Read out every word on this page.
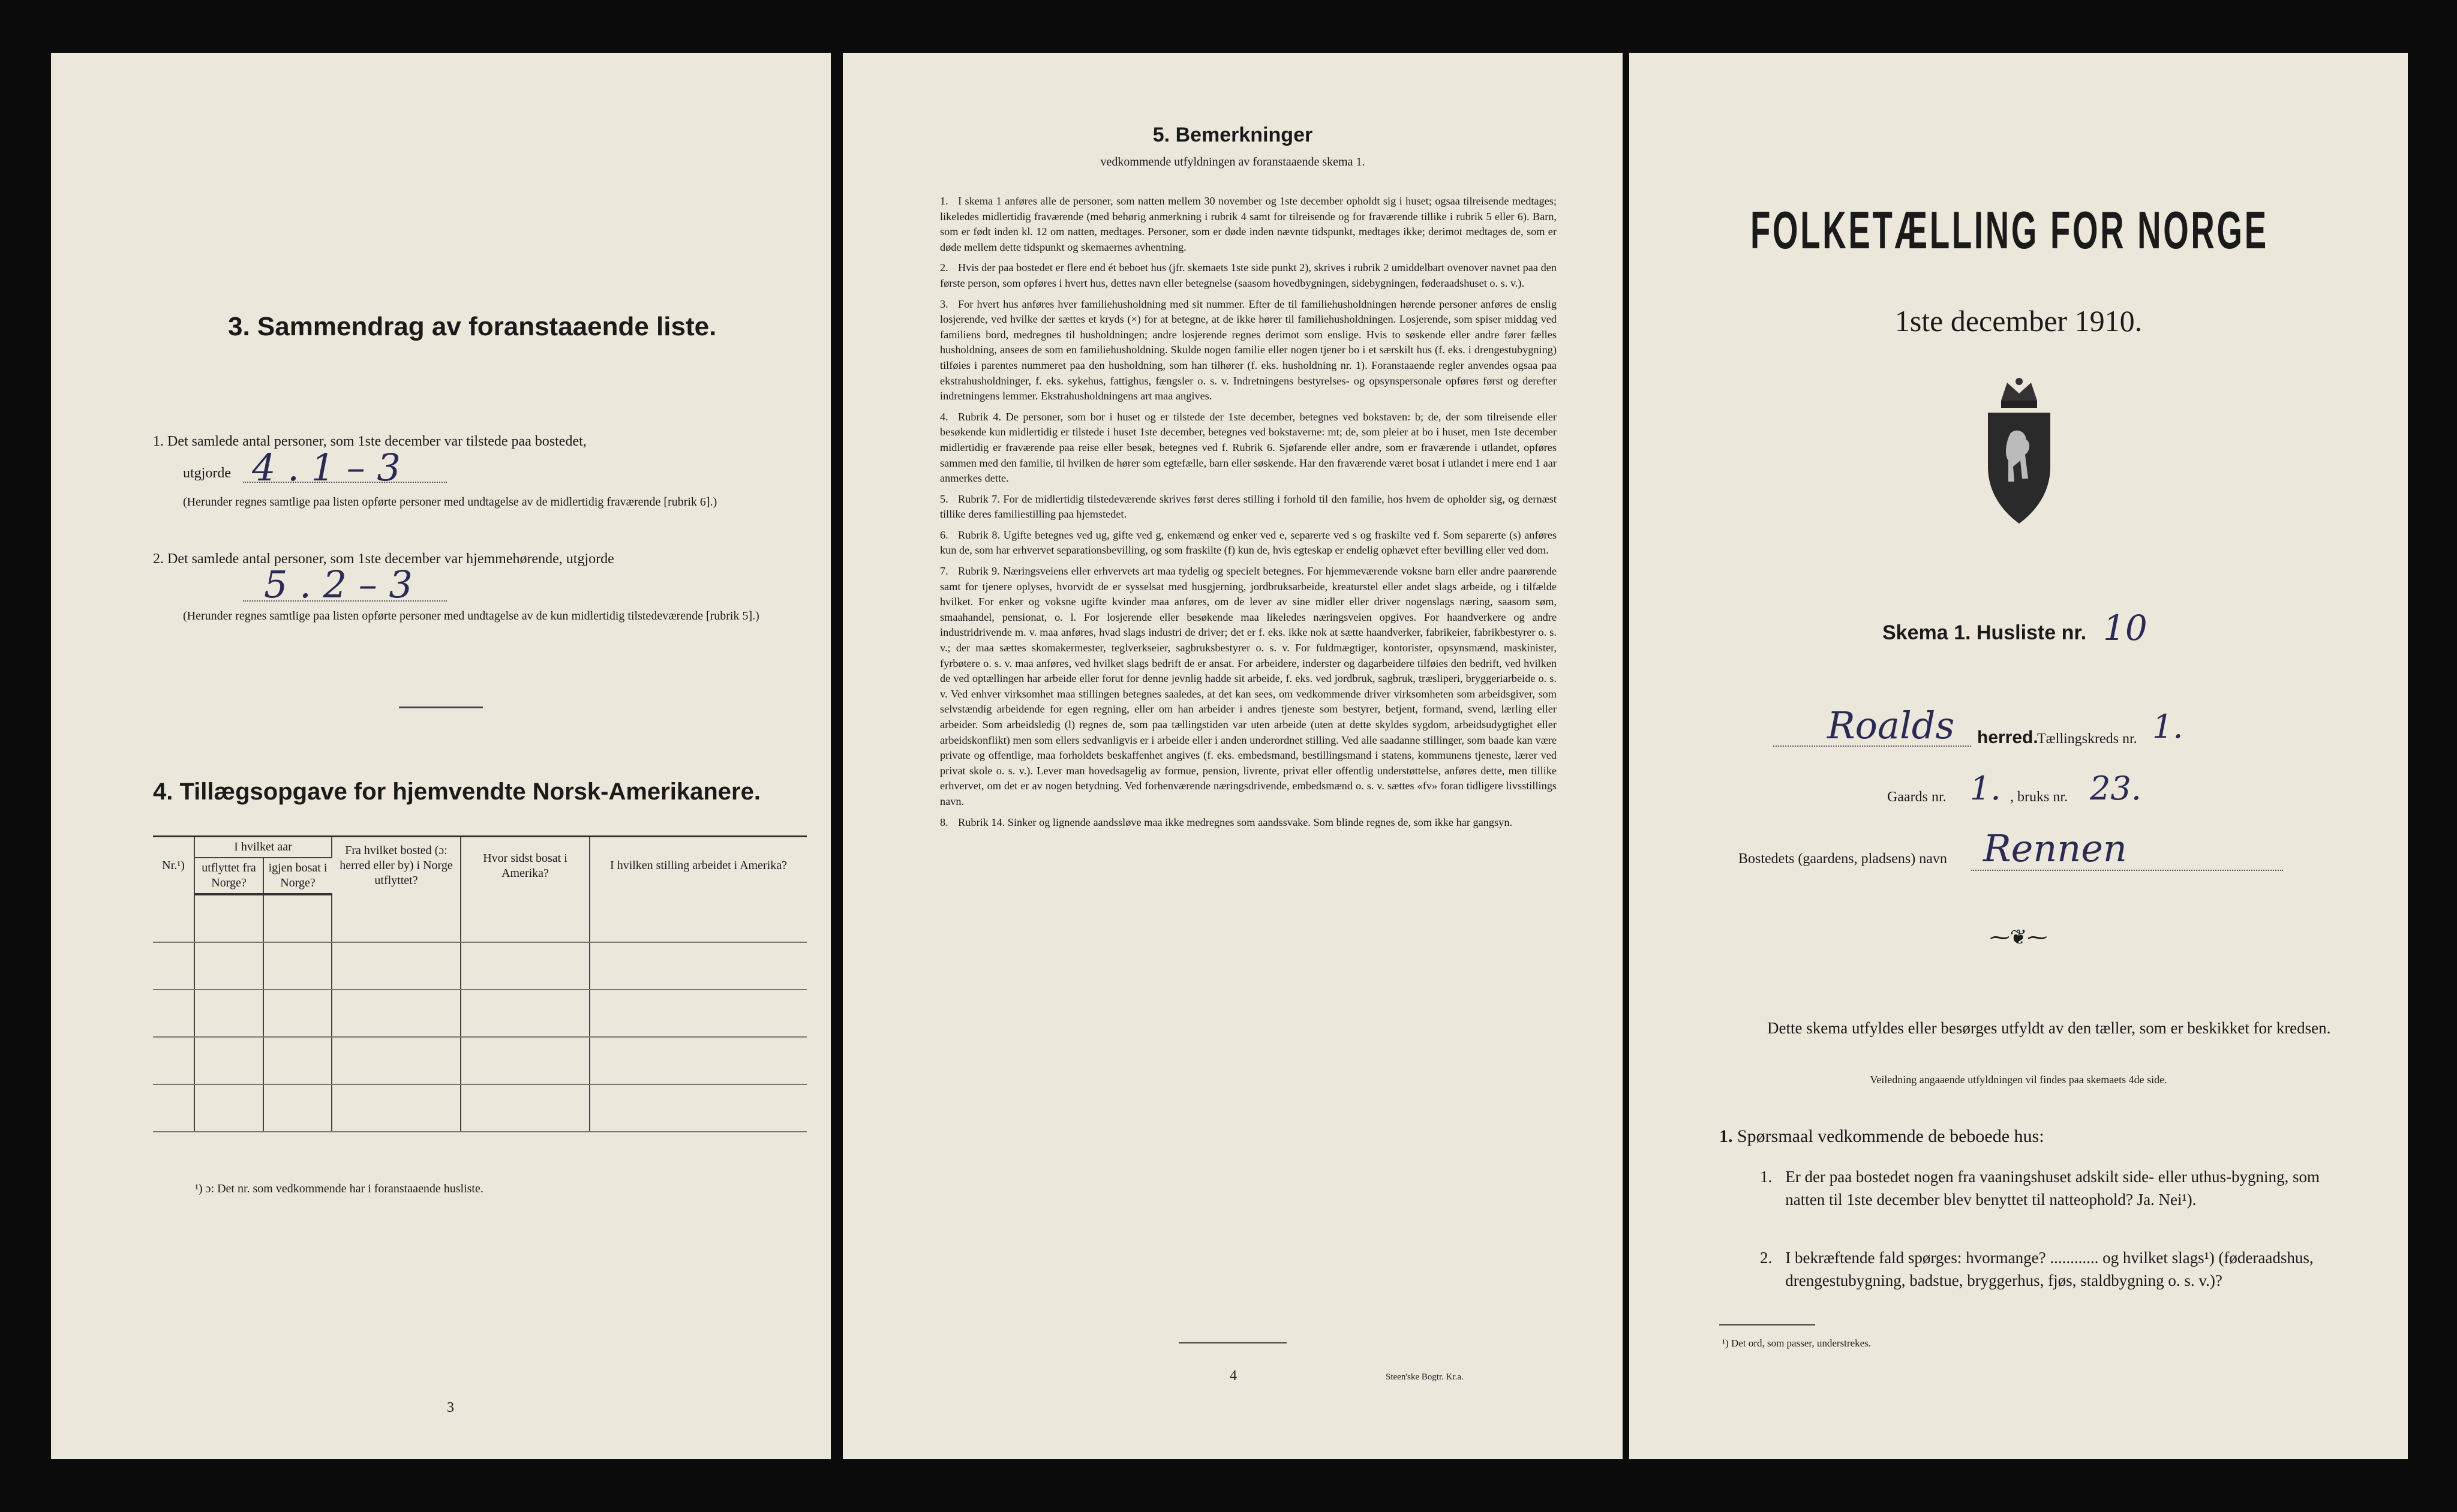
3. Sammendrag av foranstaaende liste.
1. Det samlede antal personer, som 1ste december var tilstede paa bostedet,
utgjorde 4 . 1 – 3
(Herunder regnes samtlige paa listen opførte personer med undtagelse av de midlertidig fraværende [rubrik 6].)
2. Det samlede antal personer, som 1ste december var hjemmehørende, utgjorde
5 . 2 – 3
(Herunder regnes samtlige paa listen opførte personer med undtagelse av de kun midlertidig tilstedeværende [rubrik 5].)
4. Tillægsopgave for hjemvendte Norsk-Amerikanere.
Nr.¹)	I hvilket aar		Fra hvilket bosted (ɔ: herred eller by) i Norge utflyttet?	Hvor sidst bosat i Amerika?	I hvilken stilling arbeidet i Amerika?
	utflyttet fra Norge?	igjen bosat i Norge?			

¹) ɔ: Det nr. som vedkommende har i foranstaaende husliste.
3
5. Bemerkninger
vedkommende utfyldningen av foranstaaende skema 1.

1. I skema 1 anføres alle de personer, som natten mellem 30 november og 1ste december opholdt sig i huset; ogsaa tilreisende medtages; likeledes midlertidig fraværende (med behørig anmerkning i rubrik 4 samt for tilreisende og for fraværende tillike i rubrik 5 eller 6). Barn, som er født inden kl. 12 om natten, medtages. Personer, som er døde inden nævnte tidspunkt, medtages ikke; derimot medtages de, som er døde mellem dette tidspunkt og skemaernes avhentning.

2. Hvis der paa bostedet er flere end ét beboet hus (jfr. skemaets 1ste side punkt 2), skrives i rubrik 2 umiddelbart ovenover navnet paa den første person, som opføres i hvert hus, dettes navn eller betegnelse (saasom hovedbygningen, sidebygningen, føderaadshuset o. s. v.).

3. For hvert hus anføres hver familiehusholdning med sit nummer. Efter de til familiehusholdningen hørende personer anføres de enslig losjerende, ved hvilke der sættes et kryds (×) for at betegne, at de ikke hører til familiehusholdningen. Losjerende, som spiser middag ved familiens bord, medregnes til husholdningen; andre losjerende regnes derimot som enslige. Hvis to søskende eller andre fører fælles husholdning, ansees de som en familiehusholdning. Skulde nogen familie eller nogen tjener bo i et særskilt hus (f. eks. i drengestubygning) tilføies i parentes nummeret paa den husholdning, som han tilhører (f. eks. husholdning nr. 1). Foranstaaende regler anvendes ogsaa paa ekstrahusholdninger, f. eks. sykehus, fattighus, fængsler o. s. v. Indretningens bestyrelses- og opsynspersonale opføres først og derefter indretningens lemmer. Ekstrahusholdningens art maa angives.

4. Rubrik 4. De personer, som bor i huset og er tilstede der 1ste december, betegnes ved bokstaven: b; de, der som tilreisende eller besøkende kun midlertidig er tilstede i huset 1ste december, betegnes ved bokstaverne: mt; de, som pleier at bo i huset, men 1ste december midlertidig er fraværende paa reise eller besøk, betegnes ved f. Rubrik 6. Sjøfarende eller andre, som er fraværende i utlandet, opføres sammen med den familie, til hvilken de hører som egtefælle, barn eller søskende. Har den fraværende været bosat i utlandet i mere end 1 aar anmerkes dette.

5. Rubrik 7. For de midlertidig tilstedeværende skrives først deres stilling i forhold til den familie, hos hvem de opholder sig, og dernæst tillike deres familiestilling paa hjemstedet.

6. Rubrik 8. Ugifte betegnes ved ug, gifte ved g, enkemænd og enker ved e, separerte ved s og fraskilte ved f. Som separerte (s) anføres kun de, som har erhvervet separationsbevilling, og som fraskilte (f) kun de, hvis egteskap er endelig ophævet efter bevilling eller ved dom.

7. Rubrik 9. Næringsveiens eller erhvervets art maa tydelig og specielt betegnes. For hjemmeværende voksne barn eller andre paarørende samt for tjenere oplyses, hvorvidt de er sysselsat med husgjerning, jordbruksarbeide, kreaturstel eller andet slags arbeide, og i tilfælde hvilket. For enker og voksne ugifte kvinder maa anføres, om de lever av sine midler eller driver nogenslags næring, saasom søm, smaahandel, pensionat, o. l. For losjerende eller besøkende maa likeledes næringsveien opgives. For haandverkere og andre industridrivende m. v. maa anføres, hvad slags industri de driver; det er f. eks. ikke nok at sætte haandverker, fabrikeier, fabrikbestyrer o. s. v.; der maa sættes skomakermester, teglverkseier, sagbruksbestyrer o. s. v. For fuldmægtiger, kontorister, opsynsmænd, maskinister, fyrbøtere o. s. v. maa anføres, ved hvilket slags bedrift de er ansat. For arbeidere, inderster og dagarbeidere tilføies den bedrift, ved hvilken de ved optællingen har arbeide eller forut for denne jevnlig hadde sit arbeide, f. eks. ved jordbruk, sagbruk, træsliperi, bryggeriarbeide o. s. v. Ved enhver virksomhet maa stillingen betegnes saaledes, at det kan sees, om vedkommende driver virksomheten som arbeidsgiver, som selvstændig arbeidende for egen regning, eller om han arbeider i andres tjeneste som bestyrer, betjent, formand, svend, lærling eller arbeider. Som arbeidsledig (l) regnes de, som paa tællingstiden var uten arbeide (uten at dette skyldes sygdom, arbeidsudygtighet eller arbeidskonflikt) men som ellers sedvanligvis er i arbeide eller i anden underordnet stilling. Ved alle saadanne stillinger, som baade kan være private og offentlige, maa forholdets beskaffenhet angives (f. eks. embedsmand, bestillingsmand i statens, kommunens tjeneste, lærer ved privat skole o. s. v.). Lever man hovedsagelig av formue, pension, livrente, privat eller offentlig understøttelse, anføres dette, men tillike erhvervet, om det er av nogen betydning. Ved forhenværende næringsdrivende, embedsmænd o. s. v. sættes «fv» foran tidligere livsstillings navn.

8. Rubrik 14. Sinker og lignende aandssløve maa ikke medregnes som aandssvake. Som blinde regnes de, som ikke har gangsyn.

4	Steen'ske Bogtr. Kr.a.
FOLKETÆLLING FOR NORGE
1ste december 1910.
Skema 1. Husliste nr. 10
Roalds herred.
Tællingskreds nr. 1.
Gaards nr. 1. , bruks nr. 23.
Bostedets (gaardens, pladsens) navn Rennen
⁓❦⁓
Dette skema utfyldes eller besørges utfyldt av den tæller, som er beskikket for kredsen.
Veiledning angaaende utfyldningen vil findes paa skemaets 4de side.
1. Spørsmaal vedkommende de beboede hus:
1. Er der paa bostedet nogen fra vaaningshuset adskilt side- eller uthus-bygning, som natten til 1ste december blev benyttet til natteophold? Ja. Nei¹).
2. I bekræftende fald spørges: hvormange? ............ og hvilket slags¹) (føderaadshus, drengestubygning, badstue, bryggerhus, fjøs, staldbygning o. s. v.)?
¹) Det ord, som passer, understrekes.
